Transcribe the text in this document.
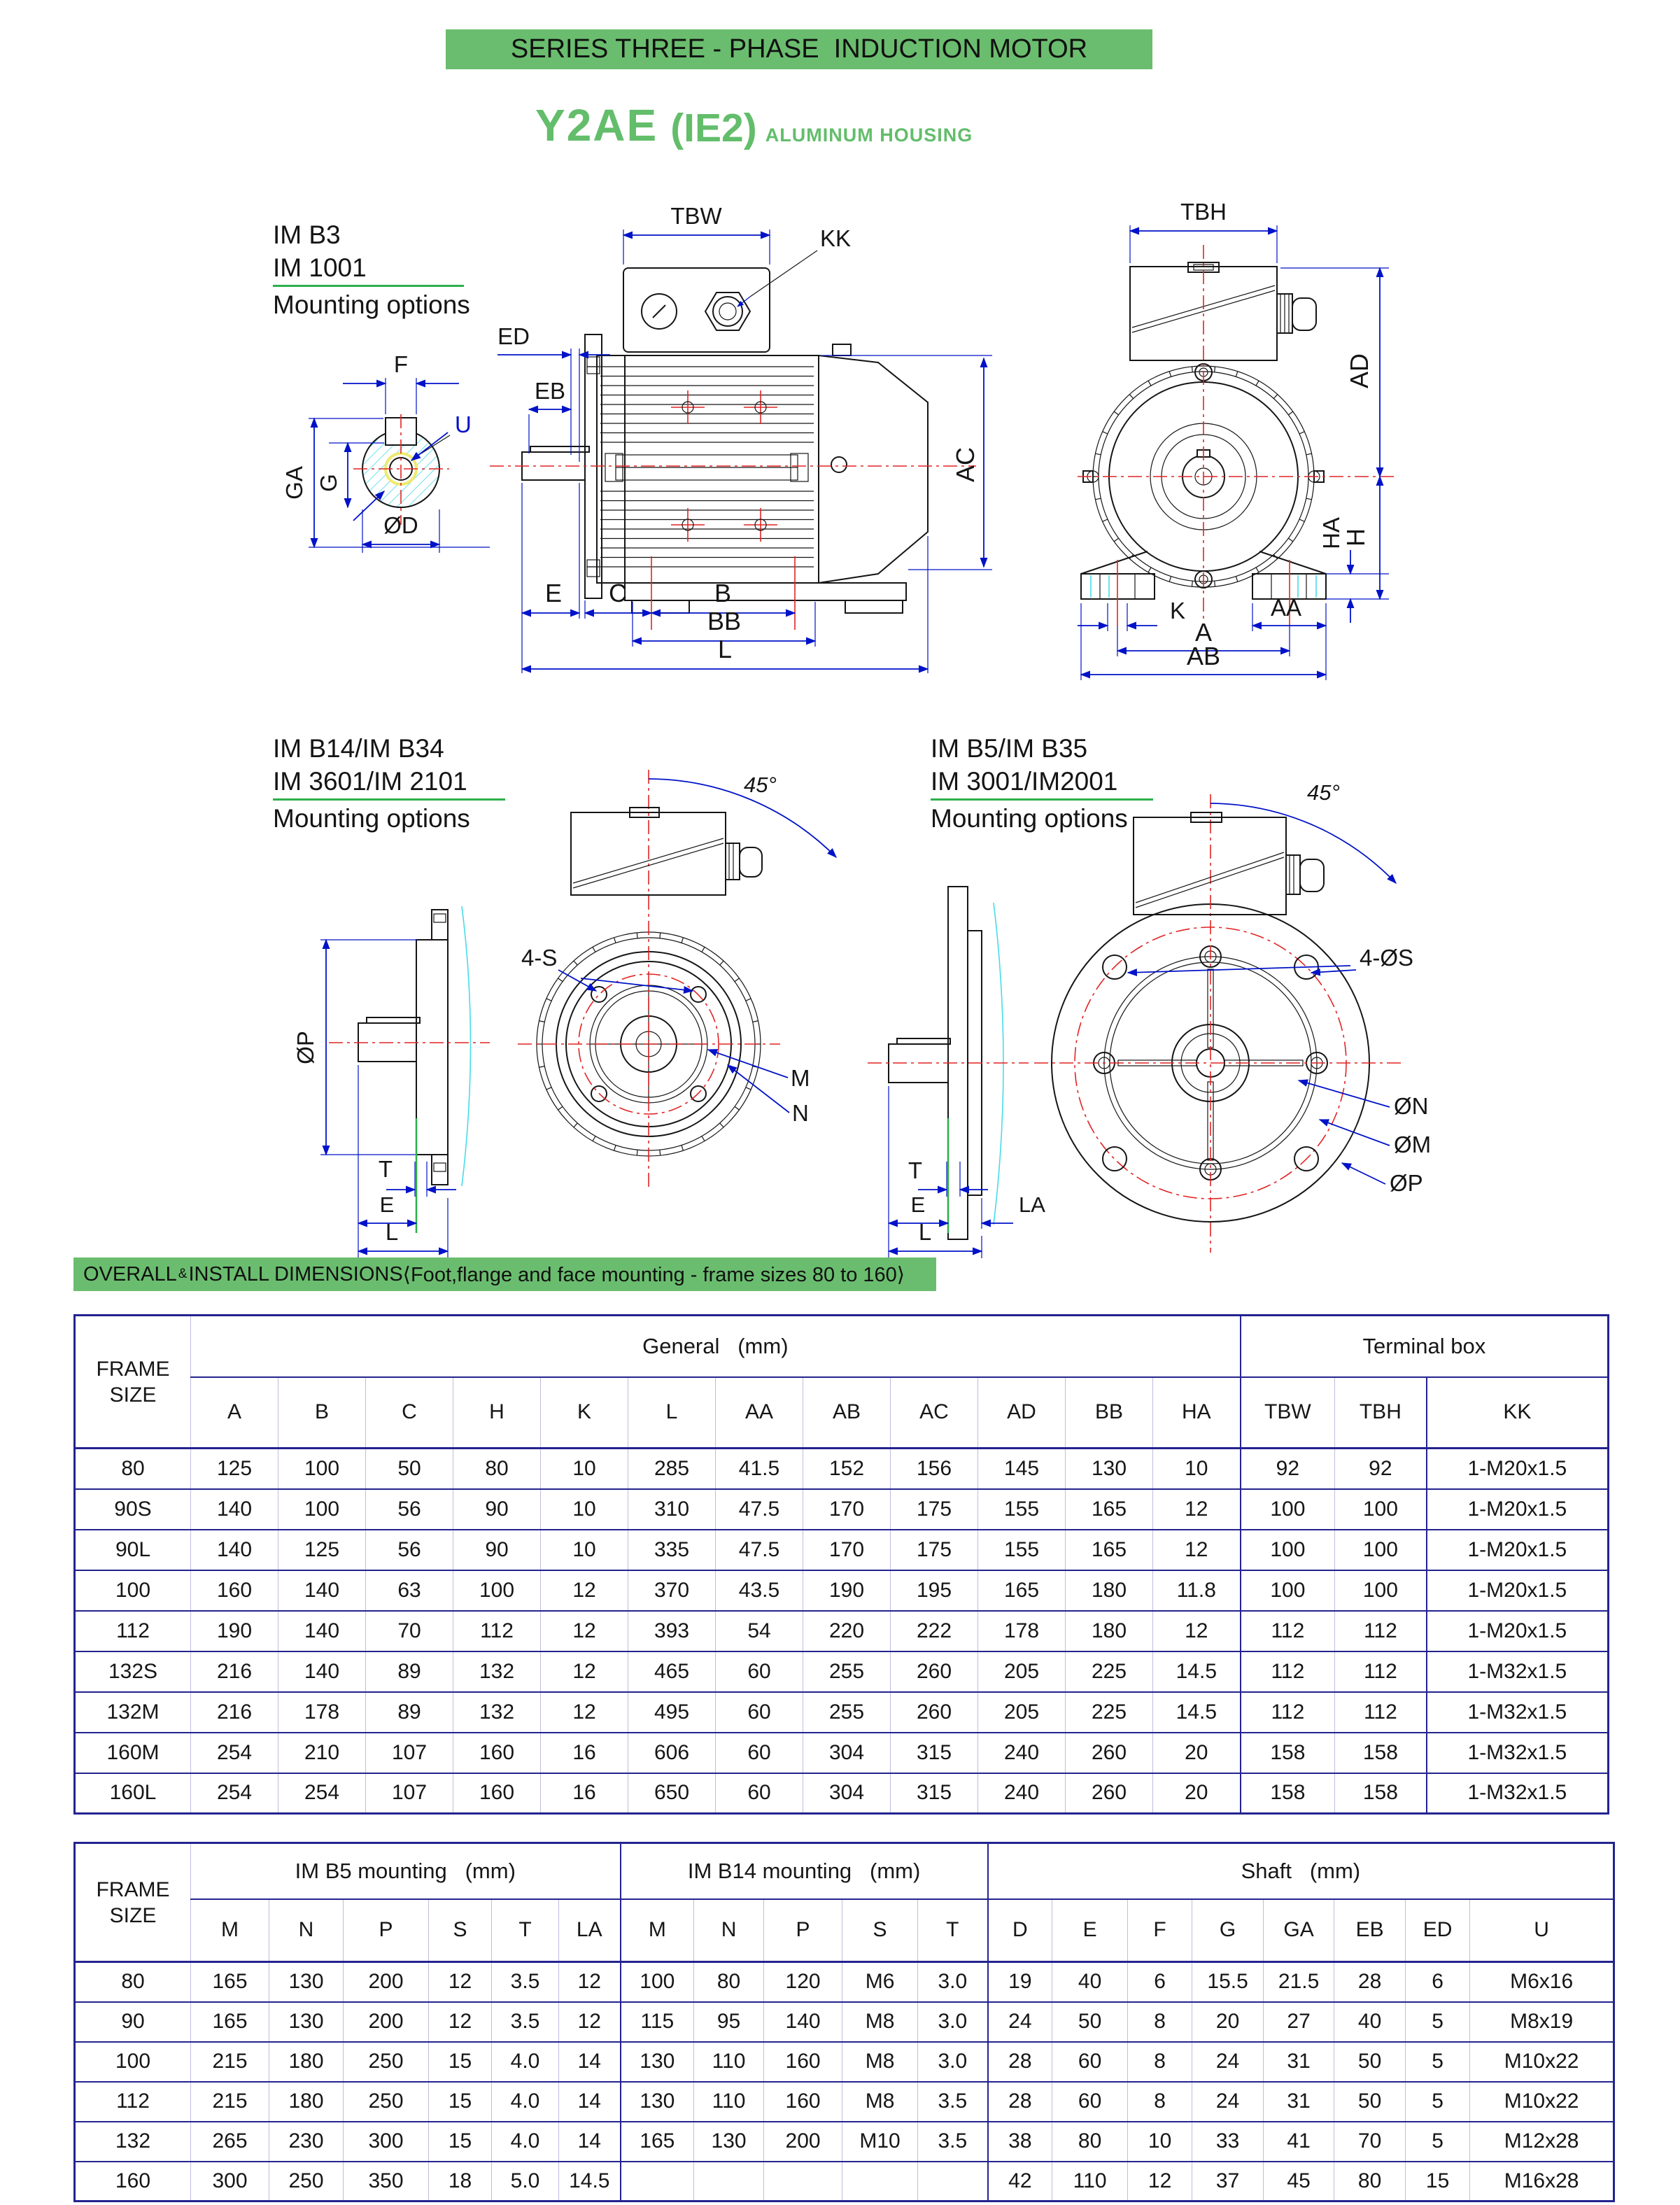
SERIES THREE - PHASE  INDUCTION MOTOR
Y2AE (IE2) ALUMINUM HOUSING
IM B3
IM 1001
Mounting options
IM B14/IM B34
IM 3601/IM 2101
Mounting options
IM B5/IM B35
IM 3001/IM2001
Mounting options
F
U
GA G
ØD
TBW
KK
ED
EB
AC
E C	B
BB
L
TBH
AD
HA
H
K	AA
A
AB
ØP
T
E
L
45°
4-S
M
N
T
E	LA
L
45°
4-ØS
ØN
ØM
ØP
OVERALL & INSTALL DIMENSIONS ⟨Foot,flange and face mounting - frame sizes 80 to 160⟩
FRAME
SIZE	General   (mm)												Terminal box		
	A	B	C	H	K	L	AA	AB	AC	AD	BB	HA	TBW	TBH	KK
80	125	100	50	80	10	285	41.5	152	156	145	130	10	92	92	1-M20x1.5
90S	140	100	56	90	10	310	47.5	170	175	155	165	12	100	100	1-M20x1.5
90L	140	125	56	90	10	335	47.5	170	175	155	165	12	100	100	1-M20x1.5
100	160	140	63	100	12	370	43.5	190	195	165	180	11.8	100	100	1-M20x1.5
112	190	140	70	112	12	393	54	220	222	178	180	12	112	112	1-M20x1.5
132S	216	140	89	132	12	465	60	255	260	205	225	14.5	112	112	1-M32x1.5
132M	216	178	89	132	12	495	60	255	260	205	225	14.5	112	112	1-M32x1.5
160M	254	210	107	160	16	606	60	304	315	240	260	20	158	158	1-M32x1.5
160L	254	254	107	160	16	650	60	304	315	240	260	20	158	158	1-M32x1.5
FRAME
SIZE	IM B5 mounting   (mm)						IM B14 mounting   (mm)					Shaft   (mm)							
	M	N	P	S	T	LA	M	N	P	S	T	D	E	F	G	GA	EB	ED	U
80	165	130	200	12	3.5	12	100	80	120	M6	3.0	19	40	6	15.5	21.5	28	6	M6x16
90	165	130	200	12	3.5	12	115	95	140	M8	3.0	24	50	8	20	27	40	5	M8x19
100	215	180	250	15	4.0	14	130	110	160	M8	3.0	28	60	8	24	31	50	5	M10x22
112	215	180	250	15	4.0	14	130	110	160	M8	3.5	28	60	8	24	31	50	5	M10x22
132	265	230	300	15	4.0	14	165	130	200	M10	3.5	38	80	10	33	41	70	5	M12x28
160	300	250	350	18	5.0	14.5						42	110	12	37	45	80	15	M16x28
